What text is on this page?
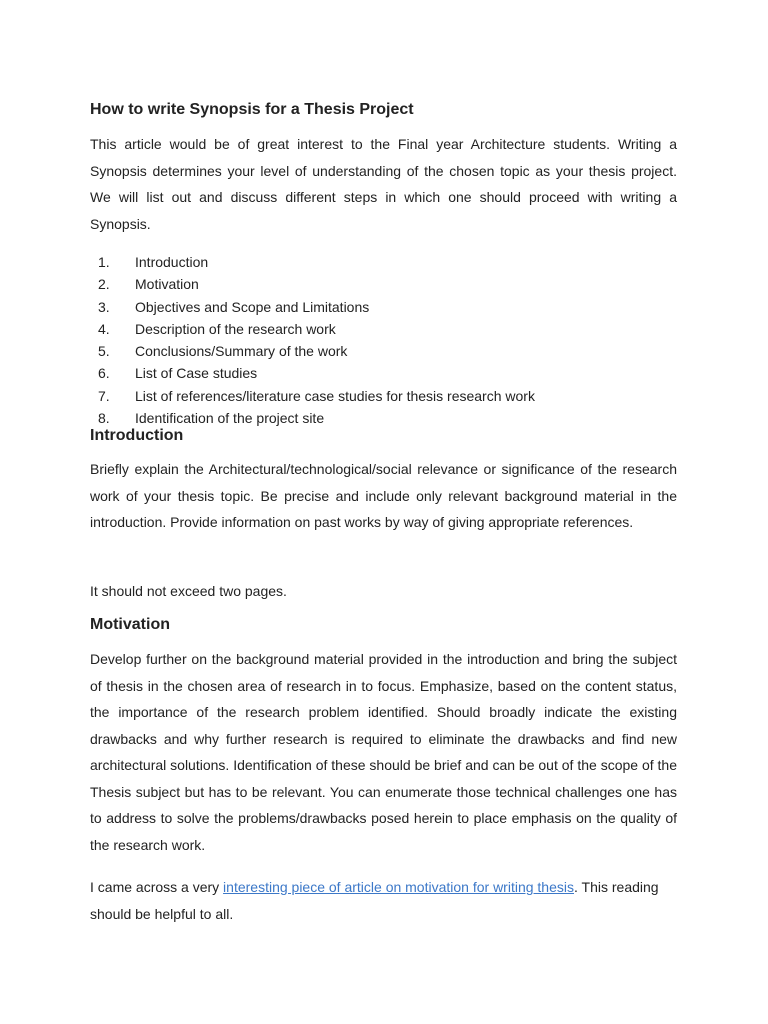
How to write Synopsis for a Thesis Project
This article would be of great interest to the Final year Architecture students. Writing a Synopsis determines your level of understanding of the chosen topic as your thesis project. We will list out and discuss different steps in which one should proceed with writing a Synopsis.
1. Introduction
2. Motivation
3. Objectives and Scope and Limitations
4. Description of the research work
5. Conclusions/Summary of the work
6. List of Case studies
7. List of references/literature case studies for thesis research work
8. Identification of the project site
Introduction
Briefly explain the Architectural/technological/social relevance or significance of the research work of your thesis topic. Be precise and include only relevant background material in the introduction. Provide information on past works by way of giving appropriate references.
It should not exceed two pages.
Motivation
Develop further on the background material provided in the introduction and bring the subject of thesis in the chosen area of research in to focus. Emphasize, based on the content status, the importance of the research problem identified. Should broadly indicate the existing drawbacks and why further research is required to eliminate the drawbacks and find new architectural solutions. Identification of these should be brief and can be out of the scope of the Thesis subject but has to be relevant. You can enumerate those technical challenges one has to address to solve the problems/drawbacks posed herein to place emphasis on the quality of the research work.
I came across a very interesting piece of article on motivation for writing thesis. This reading should be helpful to all.
